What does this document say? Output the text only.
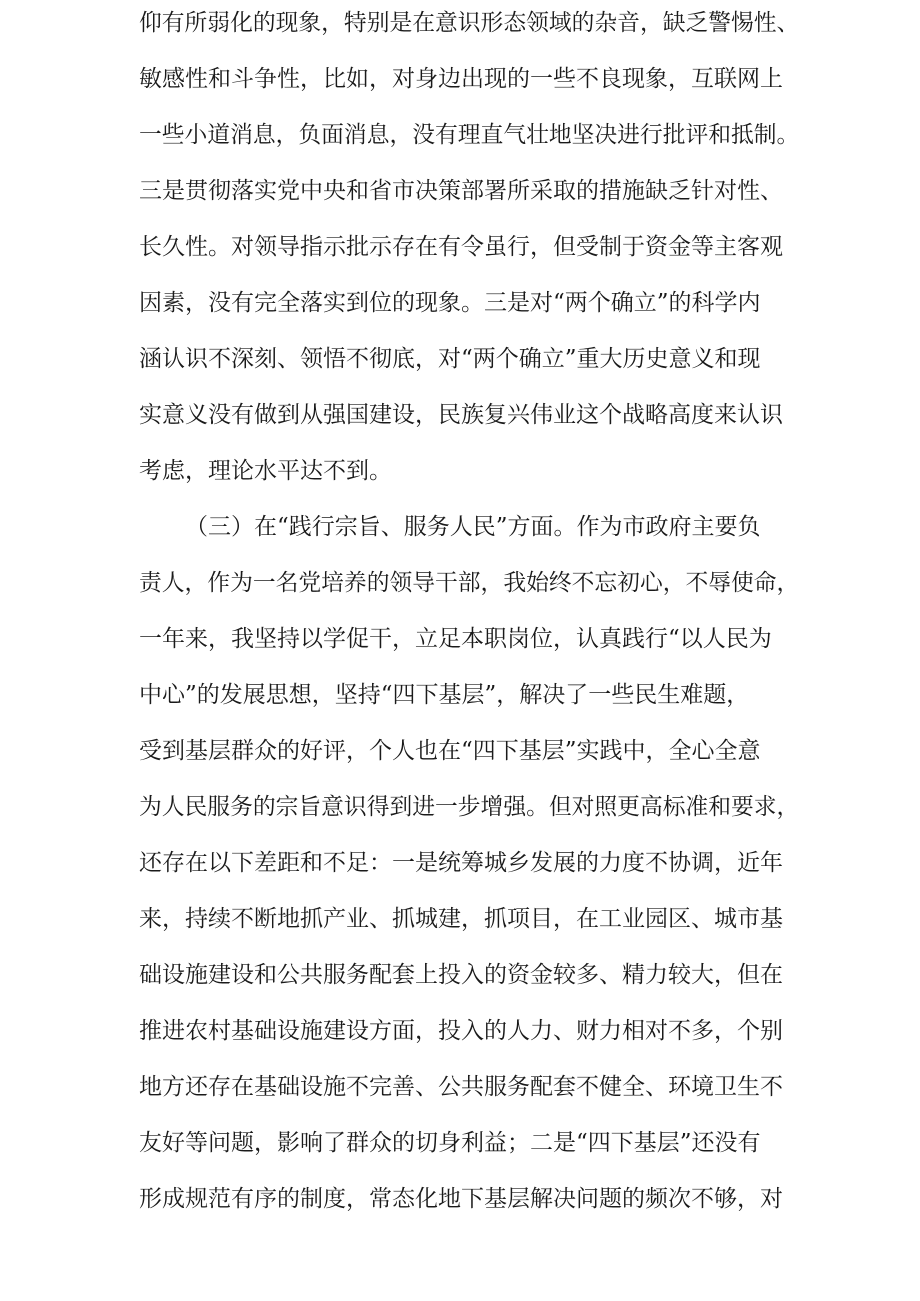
仰有所弱化的现象，特别是在意识形态领域的杂音，缺乏警惕性、
敏感性和斗争性，比如，对身边出现的一些不良现象，互联网上
一些小道消息，负面消息，没有理直气壮地坚决进行批评和抵制。
三是贯彻落实党中央和省市决策部署所采取的措施缺乏针对性、
长久性。对领导指示批示存在有令虽行，但受制于资金等主客观
因素，没有完全落实到位的现象。三是对“两个确立”的科学内
涵认识不深刻、领悟不彻底，对“两个确立”重大历史意义和现
实意义没有做到从强国建设，民族复兴伟业这个战略高度来认识
考虑，理论水平达不到。
（三）在“践行宗旨、服务人民”方面。作为市政府主要负
责人，作为一名党培养的领导干部，我始终不忘初心，不辱使命，
一年来，我坚持以学促干，立足本职岗位，认真践行“以人民为
中心”的发展思想，坚持“四下基层”，解决了一些民生难题，
受到基层群众的好评，个人也在“四下基层”实践中，全心全意
为人民服务的宗旨意识得到进一步增强。但对照更高标准和要求，
还存在以下差距和不足：一是统筹城乡发展的力度不协调，近年
来，持续不断地抓产业、抓城建，抓项目，在工业园区、城市基
础设施建设和公共服务配套上投入的资金较多、精力较大，但在
推进农村基础设施建设方面，投入的人力、财力相对不多，个别
地方还存在基础设施不完善、公共服务配套不健全、环境卫生不
友好等问题，影响了群众的切身利益；二是“四下基层”还没有
形成规范有序的制度，常态化地下基层解决问题的频次不够，对
